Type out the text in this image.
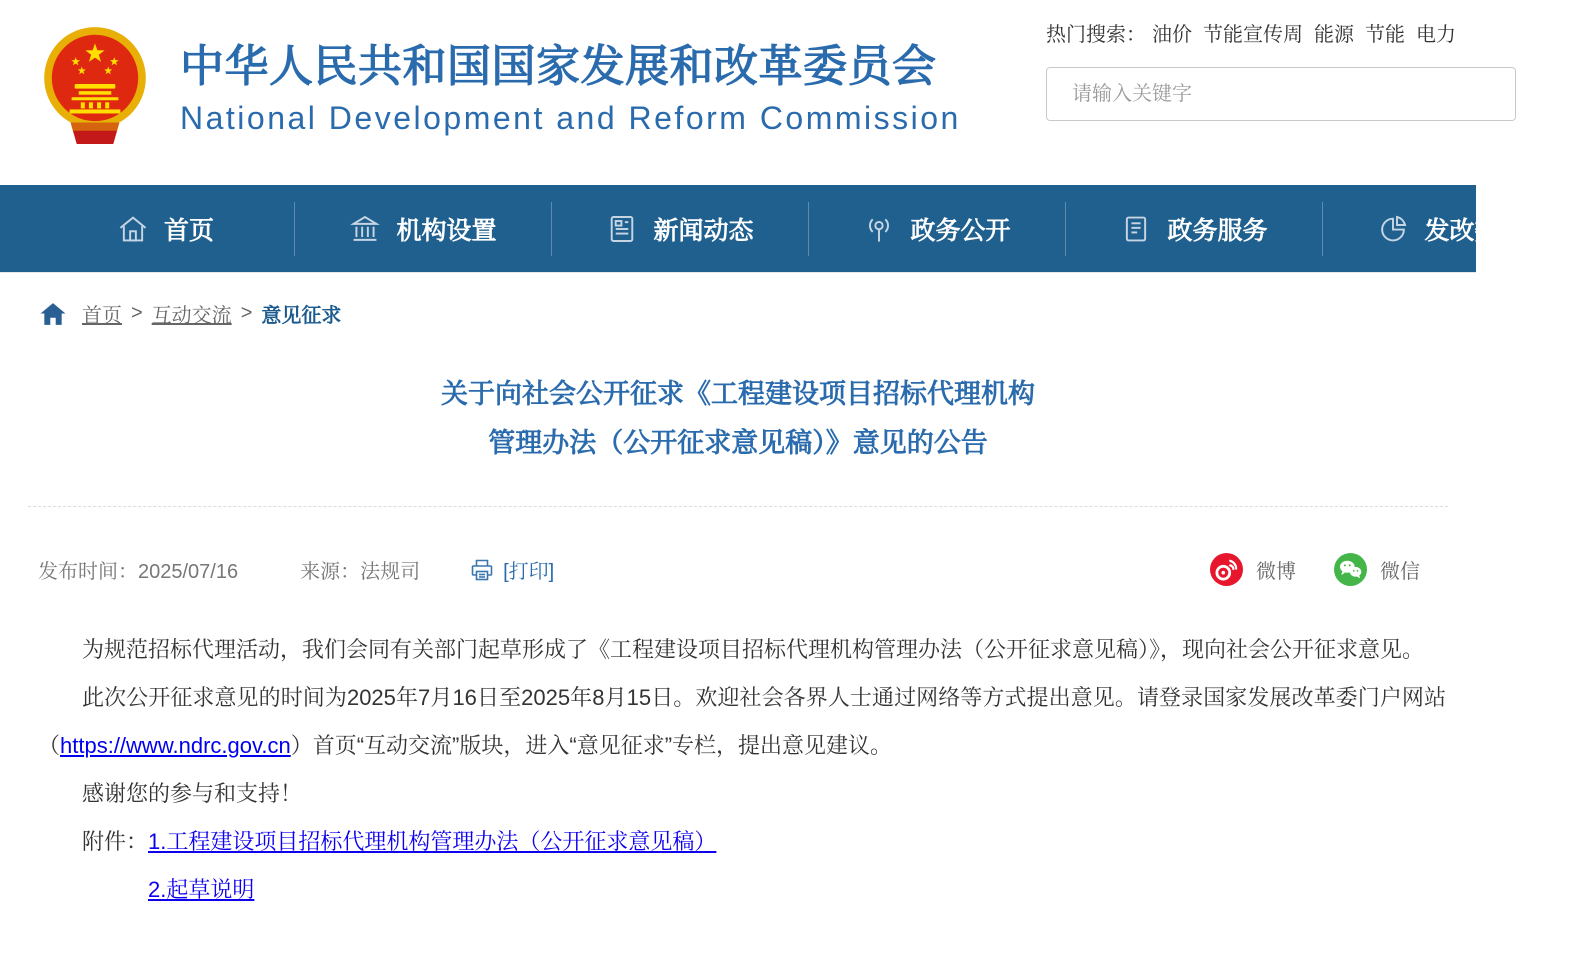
中华人民共和国国家发展和改革委员会
National Development and Reform Commission
热门搜索： 油价 节能宣传周 能源 节能 电力
请输入关键字
首页	机构设置	新闻动态	政务公开	政务服务	发改数据
首页 > 互动交流 > 意见征求
关于向社会公开征求《工程建设项目招标代理机构
管理办法（公开征求意见稿）》意见的公告
发布时间：2025/07/16	来源：法规司	[打印]	微博	微信

为规范招标代理活动，我们会同有关部门起草形成了《工程建设项目招标代理机构管理办法（公开征求意见稿）》，现向社会公开征求意见。

此次公开征求意见的时间为2025年7月16日至2025年8月15日。欢迎社会各界人士通过网络等方式提出意见。请登录国家发展改革委门户网站（https://www.ndrc.gov.cn）首页“互动交流”版块，进入“意见征求”专栏，提出意见建议。

感谢您的参与和支持！

附件： 1.工程建设项目招标代理机构管理办法（公开征求意见稿）
2.起草说明
